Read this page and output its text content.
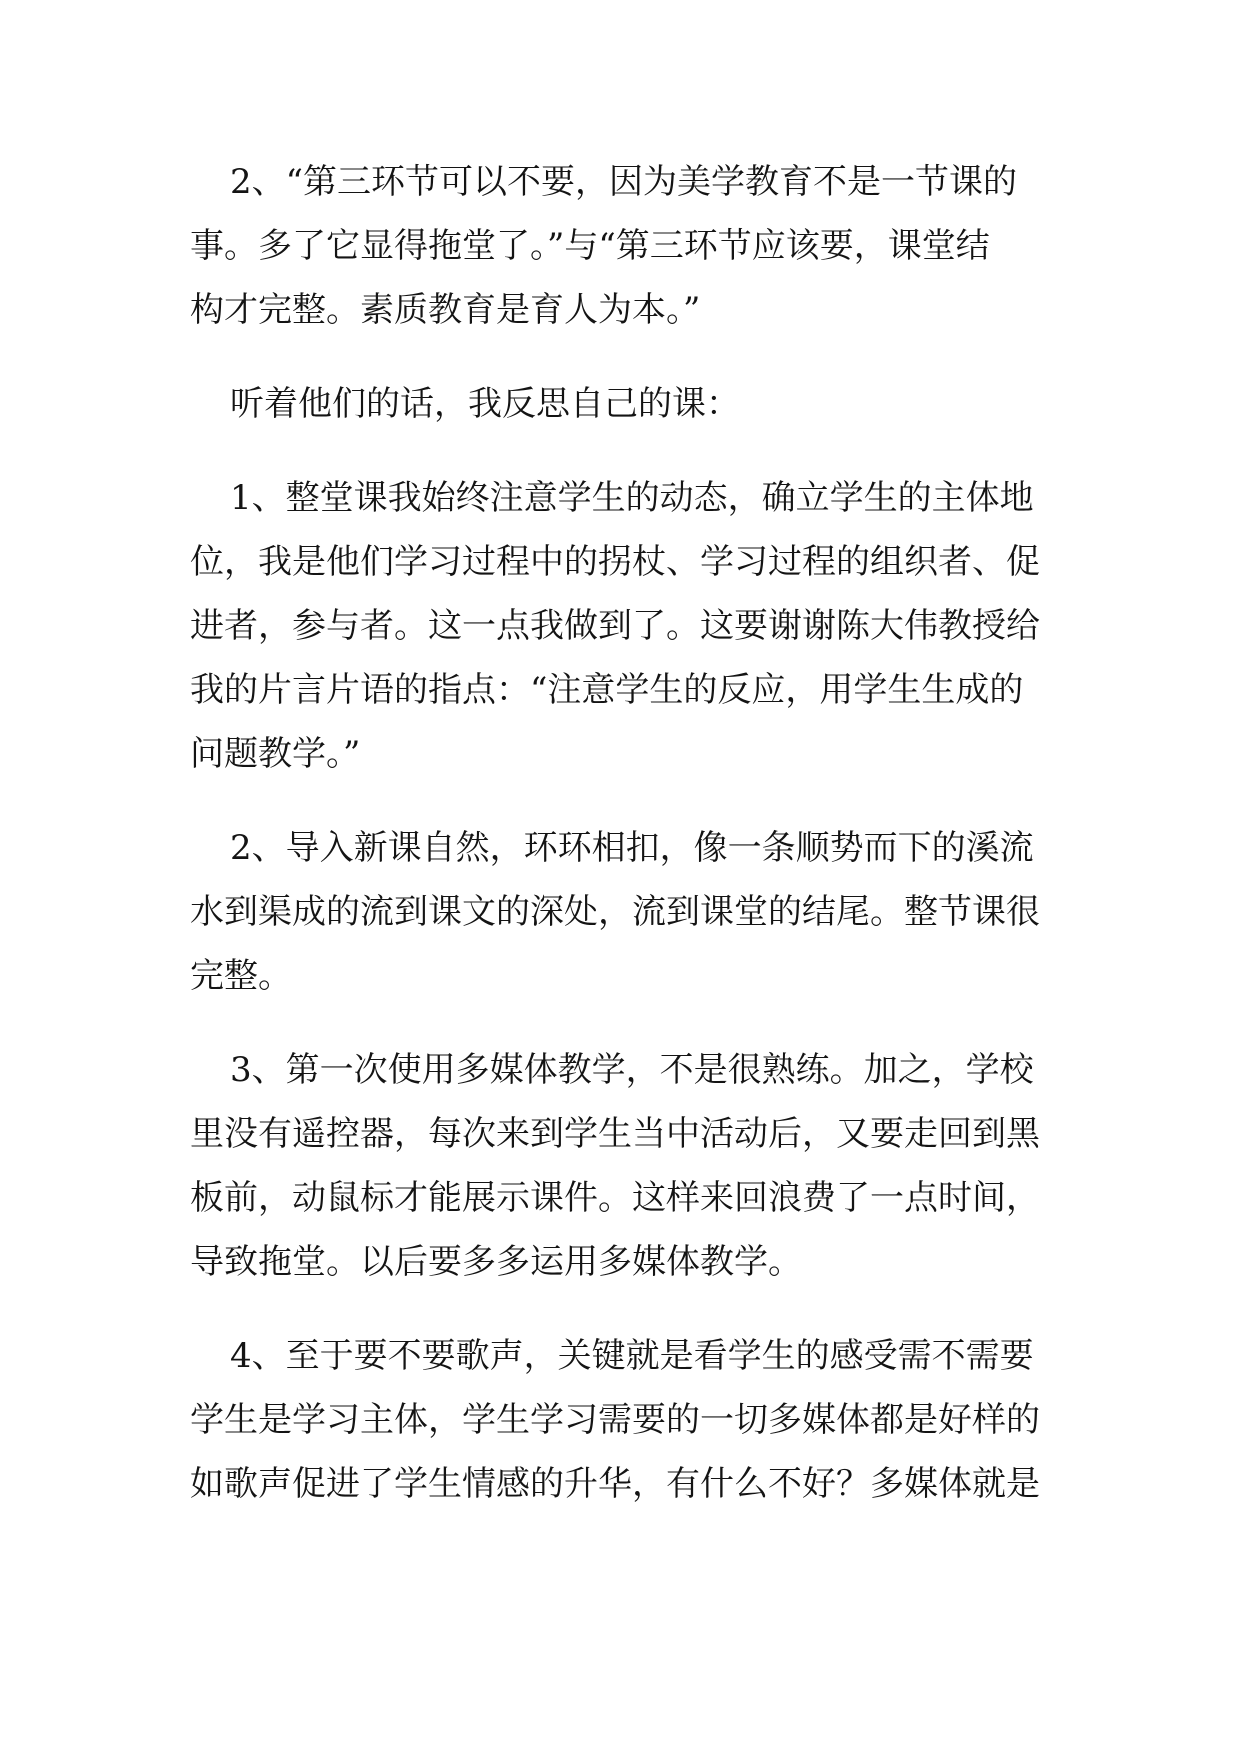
2、“第三环节可以不要，因为美学教育不是一节课的
事。多了它显得拖堂了。”与“第三环节应该要，课堂结
构才完整。素质教育是育人为本。”
听着他们的话，我反思自己的课：
1、整堂课我始终注意学生的动态，确立学生的主体地
位，我是他们学习过程中的拐杖、学习过程的组织者、促
进者，参与者。这一点我做到了。这要谢谢陈大伟教授给
我的片言片语的指点：“注意学生的反应，用学生生成的
问题教学。”
2、导入新课自然，环环相扣，像一条顺势而下的溪流
水到渠成的流到课文的深处，流到课堂的结尾。整节课很
完整。
3、第一次使用多媒体教学，不是很熟练。加之，学校
里没有遥控器，每次来到学生当中活动后，又要走回到黑
板前，动鼠标才能展示课件。这样来回浪费了一点时间，
导致拖堂。以后要多多运用多媒体教学。
4、至于要不要歌声，关键就是看学生的感受需不需要
学生是学习主体，学生学习需要的一切多媒体都是好样的
如歌声促进了学生情感的升华，有什么不好？多媒体就是
